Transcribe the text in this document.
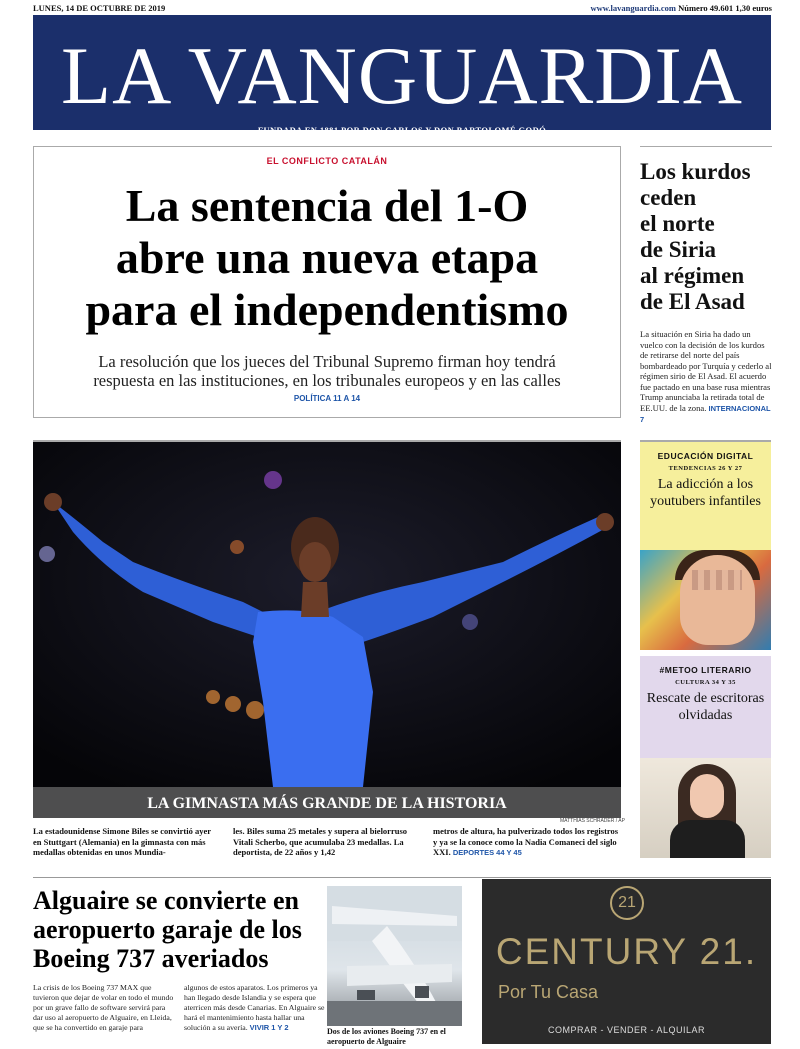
LUNES, 14 DE OCTUBRE DE 2019	www.lavanguardia.com Número 49.601 1,30 euros
LA VANGUARDIA
FUNDADA EN 1881 POR DON CARLOS Y DON BARTOLOMÉ GODÓ
EL CONFLICTO CATALÁN
La sentencia del 1-O
abre una nueva etapa
para el independentismo
La resolución que los jueces del Tribunal Supremo firman hoy tendrá
respuesta en las instituciones, en los tribunales europeos y en las calles
POLÍTICA 11 A 14
Los kurdos
ceden
el norte
de Siria
al régimen
de El Asad

La situación en Siria ha dado un vuelco con la decisión de los kurdos de retirarse del norte del país bombardeado por Turquía y cederlo al régimen sirio de El Asad. El acuerdo fue pactado en una base rusa mientras Trump anunciaba la retirada total de EE.UU. de la zona. INTERNACIONAL 7

LA GIMNASTA MÁS GRANDE DE LA HISTORIA
MATTHIAS SCHRADER / AP
La estadounidense Simone Biles se convirtió ayer en Stuttgart (Alemania) en la gimnasta con más medallas obtenidas en unos Mundia-
les. Biles suma 25 metales y supera al bielorruso Vitali Scherbo, que acumulaba 23 medallas. La deportista, de 22 años y 1,42
metros de altura, ha pulverizado todos los registros y ya se la conoce como la Nadia Comaneci del siglo XXI. DEPORTES 44 Y 45
EDUCACIÓN DIGITAL
TENDENCIAS 26 Y 27
La adicción a los youtubers infantiles
#METOO LITERARIO
CULTURA 34 Y 35
Rescate de escritoras olvidadas
Alguaire se convierte en aeropuerto garaje de los Boeing 737 averiados
La crisis de los Boeing 737 MAX que tuvieron que dejar de volar en todo el mundo por un grave fallo de software servirá para dar uso al aeropuerto de Alguaire, en Lleida, que se ha convertido en garaje para
algunos de estos aparatos. Los primeros ya han llegado desde Islandia y se espera que aterricen más desde Canarias. En Alguaire se hará el mantenimiento hasta hallar una solución a su avería. VIVIR 1 Y 2	Dos de los aviones Boeing 737 en el aeropuerto de Alguaire
21
CENTURY 21.
Por Tu Casa
COMPRAR - VENDER - ALQUILAR
